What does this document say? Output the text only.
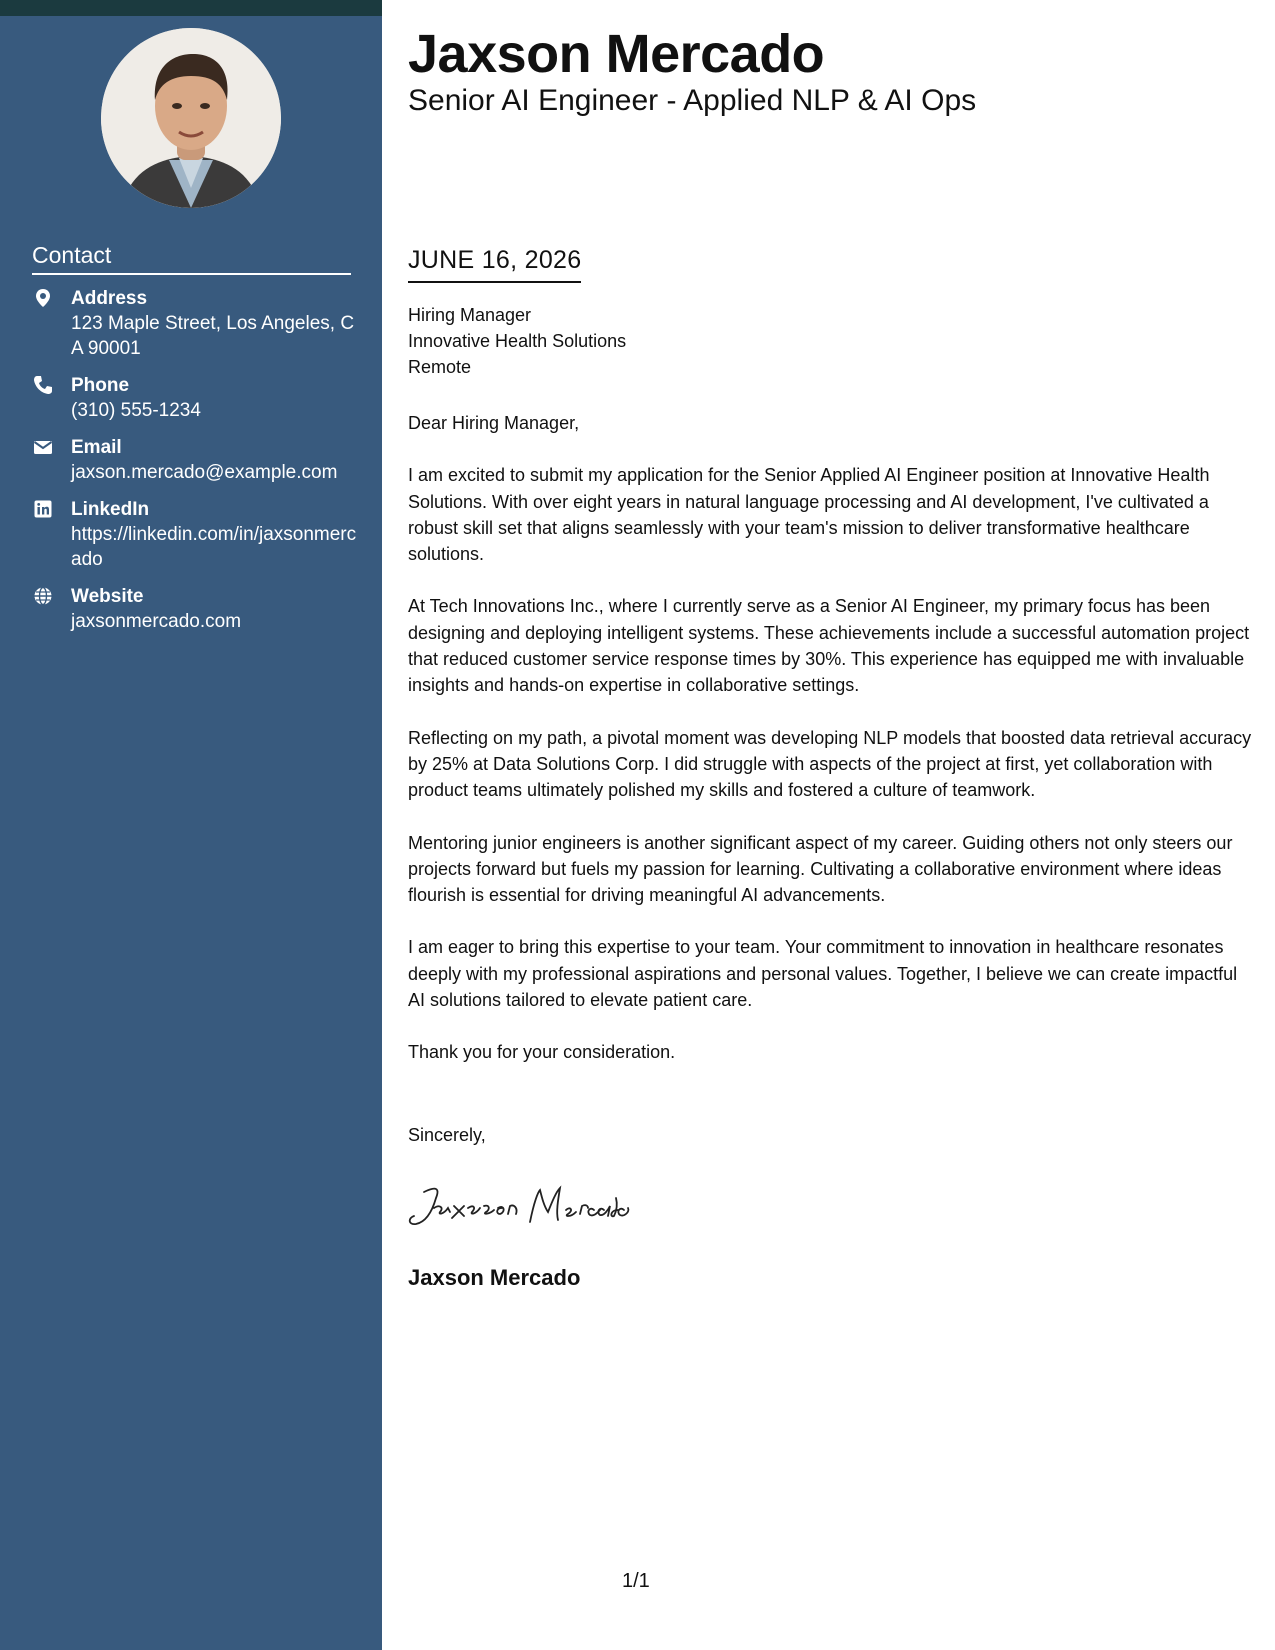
Contact
Address
123 Maple Street, Los Angeles, CA 90001
Phone
(310) 555-1234
Email
jaxson.mercado@example.com
LinkedIn
https://linkedin.com/in/jaxsonmercado
Website
jaxsonmercado.com
Jaxson Mercado
Senior AI Engineer - Applied NLP & AI Ops
JUNE 16, 2026
Hiring Manager
Innovative Health Solutions
Remote

Dear Hiring Manager,

I am excited to submit my application for the Senior Applied AI Engineer position at Innovative Health Solutions. With over eight years in natural language processing and AI development, I've cultivated a robust skill set that aligns seamlessly with your team's mission to deliver transformative healthcare solutions.

At Tech Innovations Inc., where I currently serve as a Senior AI Engineer, my primary focus has been designing and deploying intelligent systems. These achievements include a successful automation project that reduced customer service response times by 30%. This experience has equipped me with invaluable insights and hands-on expertise in collaborative settings.

Reflecting on my path, a pivotal moment was developing NLP models that boosted data retrieval accuracy by 25% at Data Solutions Corp. I did struggle with aspects of the project at first, yet collaboration with product teams ultimately polished my skills and fostered a culture of teamwork.

Mentoring junior engineers is another significant aspect of my career. Guiding others not only steers our projects forward but fuels my passion for learning. Cultivating a collaborative environment where ideas flourish is essential for driving meaningful AI advancements.

I am eager to bring this expertise to your team. Your commitment to innovation in healthcare resonates deeply with my professional aspirations and personal values. Together, I believe we can create impactful AI solutions tailored to elevate patient care.

Thank you for your consideration.

Sincerely,
Jaxson Mercado
1/1
